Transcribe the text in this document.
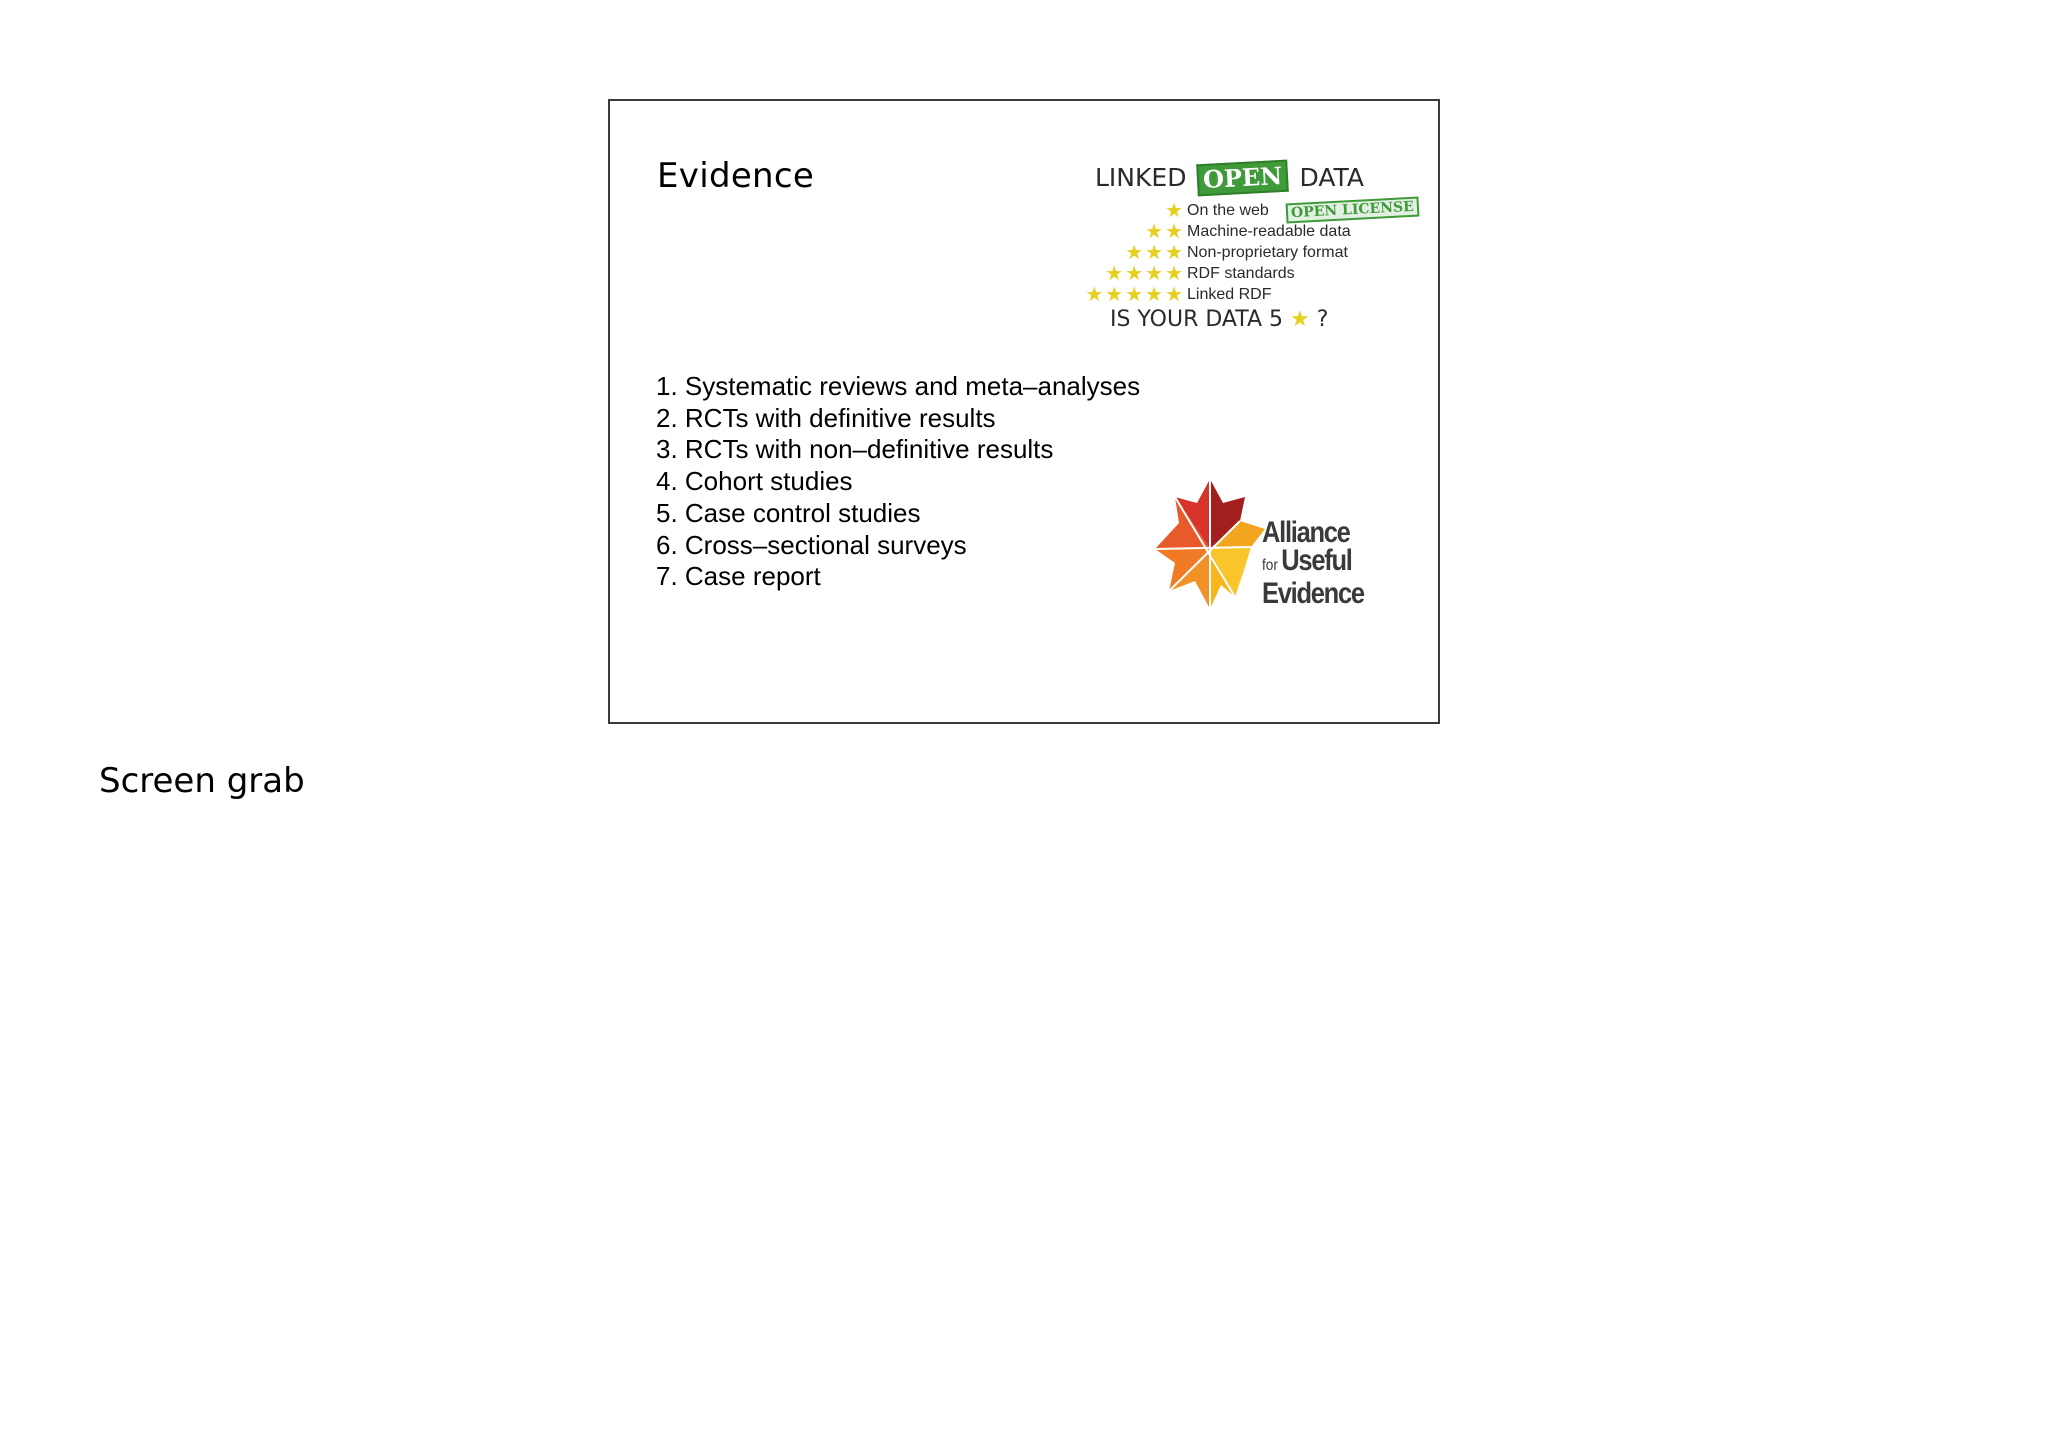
Evidence	LINKED OPEN DATA
OPEN LICENSE
★ On the web
★★ Machine-readable data
★★★ Non-proprietary format
★★★★ RDF standards
★★★★★ Linked RDF
IS YOUR DATA 5 ★ ?
1. Systematic reviews and meta–analyses
2. RCTs with definitive results
3. RCTs with non–definitive results
4. Cohort studies
5. Case control studies
6. Cross–sectional surveys
7. Case report
Alliance
for Useful
Evidence
Screen grab
